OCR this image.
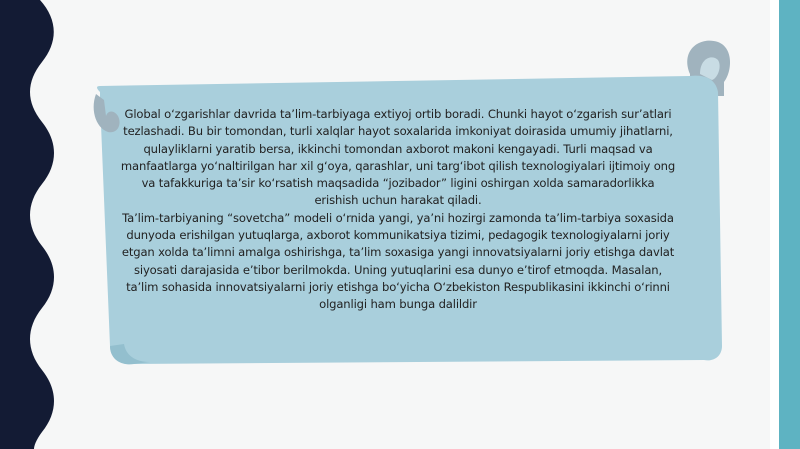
Global o‘zgarishlar davrida ta’lim-tarbiyaga extiyoj ortib boradi. Chunki hayot o‘zgarish sur’atlari tezlashadi. Bu bir tomondan, turli xalqlar hayot soxalarida imkoniyat doirasida umumiy jihatlarni, qulayliklarni yaratib bersa, ikkinchi tomondan axborot makoni kengayadi. Turli maqsad va manfaatlarga yo‘naltirilgan har xil g‘oya, qarashlar, uni targ‘ibot qilish texnologiyalari ijtimoiy ong va tafakkuriga ta’sir ko‘rsatish maqsadida “jozibador” ligini oshirgan xolda samaradorlikka erishish uchun harakat qiladi.

Ta’lim-tarbiyaning “sovetcha” modeli o‘rnida yangi, ya’ni hozirgi zamonda ta’lim-tarbiya soxasida dunyoda erishilgan yutuqlarga, axborot kommunikatsiya tizimi, pedagogik texnologiyalarni joriy etgan xolda ta’limni amalga oshirishga, ta’lim soxasiga yangi innovatsiyalarni joriy etishga davlat siyosati darajasida e’tibor berilmokda. Uning yutuqlarini esa dunyo e’tirof etmoqda. Masalan, ta’lim sohasida innovatsiyalarni joriy etishga bo‘yicha O‘zbekiston Respublikasini ikkinchi o‘rinni olganligi ham bunga dalildir
